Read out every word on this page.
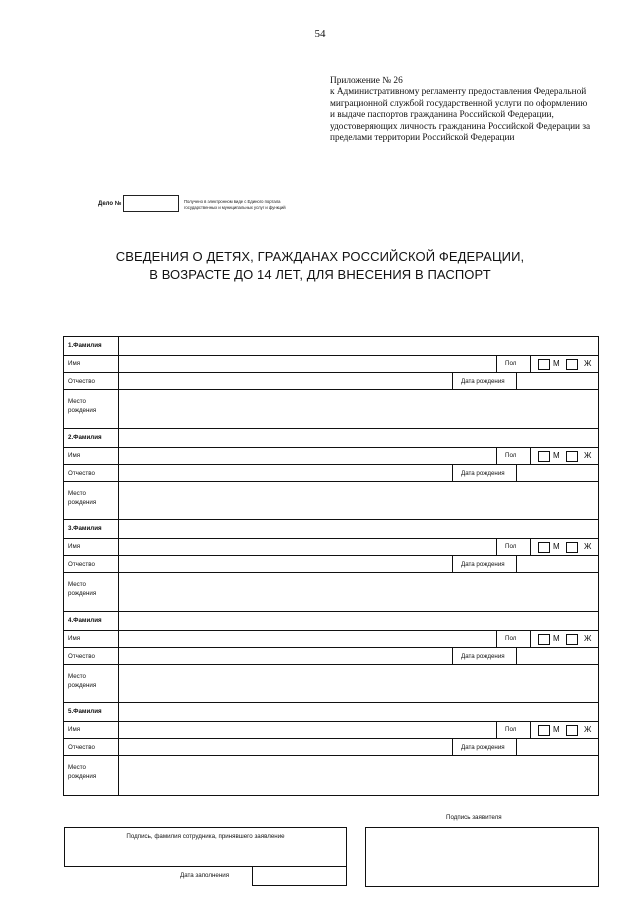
54
Приложение № 26
к Административному регламенту предоставления Федеральной
миграционной службой государственной услуги по оформлению
и выдаче паспортов гражданина Российской Федерации,
удостоверяющих личность гражданина Российской Федерации за
пределами территории Российской Федерации
Дело №	Получено в электронном виде с Единого портала
государственных и муниципальных услуг и функций
СВЕДЕНИЯ О ДЕТЯХ, ГРАЖДАНАХ РОССИЙСКОЙ ФЕДЕРАЦИИ,
В ВОЗРАСТЕ ДО 14 ЛЕТ, ДЛЯ ВНЕСЕНИЯ В ПАСПОРТ
1.Фамилия
Имя	Пол	М	Ж
Отчество	Дата рождения
Место
рождения
2.Фамилия
Имя	Пол	М	Ж
Отчество	Дата рождения
Место
рождения
3.Фамилия
Имя	Пол	М	Ж
Отчество	Дата рождения
Место
рождения
4.Фамилия
Имя	Пол	М	Ж
Отчество	Дата рождения
Место
рождения
5.Фамилия
Имя	Пол	М	Ж
Отчество	Дата рождения
Место
рождения
Подпись заявителя
Подпись, фамилия сотрудника, принявшего заявление
Дата заполнения
